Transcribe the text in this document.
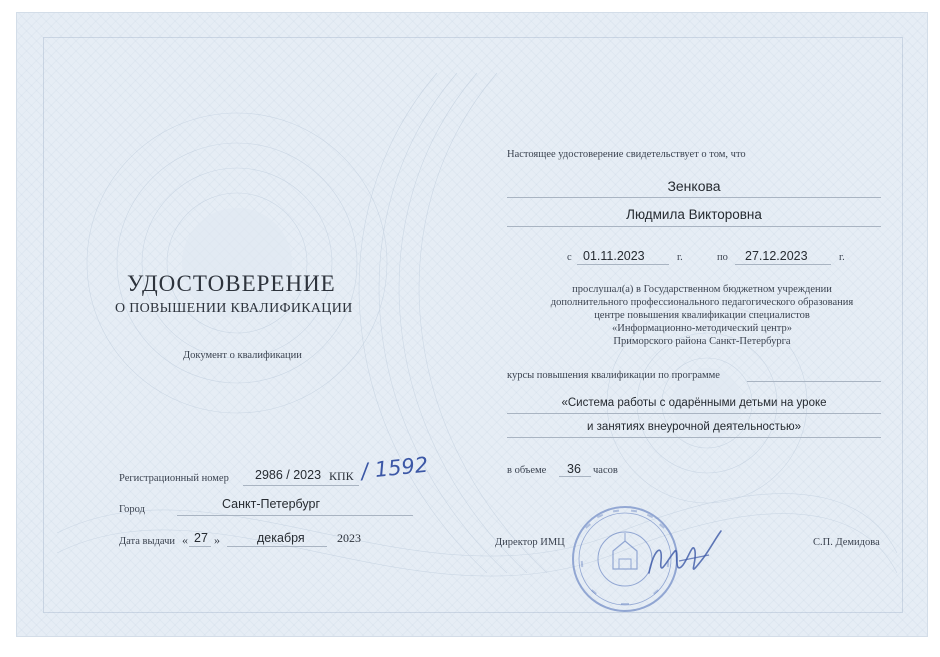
УДОСТОВЕРЕНИЕ
О ПОВЫШЕНИИ КВАЛИФИКАЦИИ
Документ о квалификации
Регистрационный номер 2986 / 2023 КПК / 1592
Город	Санкт-Петербург
Дата выдачи « 27 »	декабря	2023
Настоящее удостоверение свидетельствует о том, что
Зенкова
Людмила Викторовна
с 01.11.2023	г.	по 27.12.2023	г.
прослушал(а) в Государственном бюджетном учреждении
дополнительного профессионального педагогического образования
центре повышения квалификации специалистов
«Информационно-методический центр»
Приморского района Санкт-Петербурга
курсы повышения квалификации по программе
«Система работы с одарёнными детьми на уроке
и занятиях внеурочной деятельностью»
в объеме 36 часов
Директор ИМЦ	С.П. Демидова
